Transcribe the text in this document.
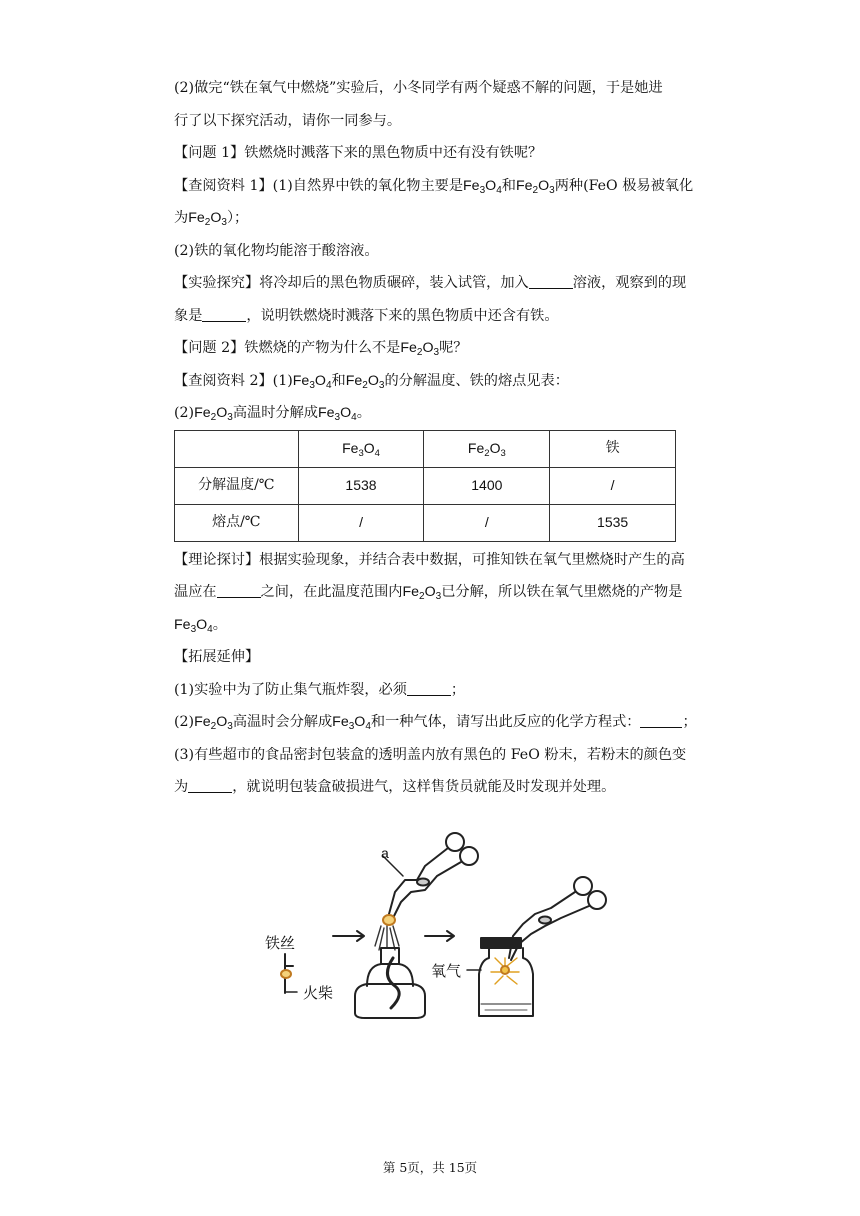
(2)做完“铁在氧气中燃烧”实验后，小冬同学有两个疑惑不解的问题，于是她进

行了以下探究活动，请你一同参与。

【问题 1】铁燃烧时溅落下来的黑色物质中还有没有铁呢？

【查阅资料 1】(1)自然界中铁的氧化物主要是$Fe_3O_4$和$Fe_2O_3$两种(FeO 极易被氧化

为$Fe_2O_3$）；

(2)铁的氧化物均能溶于酸溶液。

【实验探究】将冷却后的黑色物质碾碎，装入试管，加入	溶液，观察到的现

象是	，说明铁燃烧时溅落下来的黑色物质中还含有铁。

【问题 2】铁燃烧的产物为什么不是$Fe_2O_3$呢？

【查阅资料 2】$(1)Fe_3O_4$和$Fe_2O_3$的分解温度、铁的熔点见表：

$(2)Fe_2O_3$高温时分解成$Fe_3O_4$。

	$Fe_3O_4$	$Fe_2O_3$	铁
分解温度/℃	1538	1400	/
熔点/℃	/	/	1535

【理论探讨】根据实验现象，并结合表中数据，可推知铁在氧气里燃烧时产生的高

温应在	之间，在此温度范围内$Fe_2O_3$已分解，所以铁在氧气里燃烧的产物是

$Fe_3O_4$。

【拓展延伸】

(1)实验中为了防止集气瓶炸裂，必须	；

$(2)Fe_2O_3$高温时会分解成$Fe_3O_4$和一种气体，请写出此反应的化学方程式：	；

(3)有些超市的食品密封包装盒的透明盖内放有黑色的 FeO 粉末，若粉末的颜色变

为	，就说明包装盒破损进气，这样售货员就能及时发现并处理。

a
铁丝
火柴
氧气
第 5页，共 15页
